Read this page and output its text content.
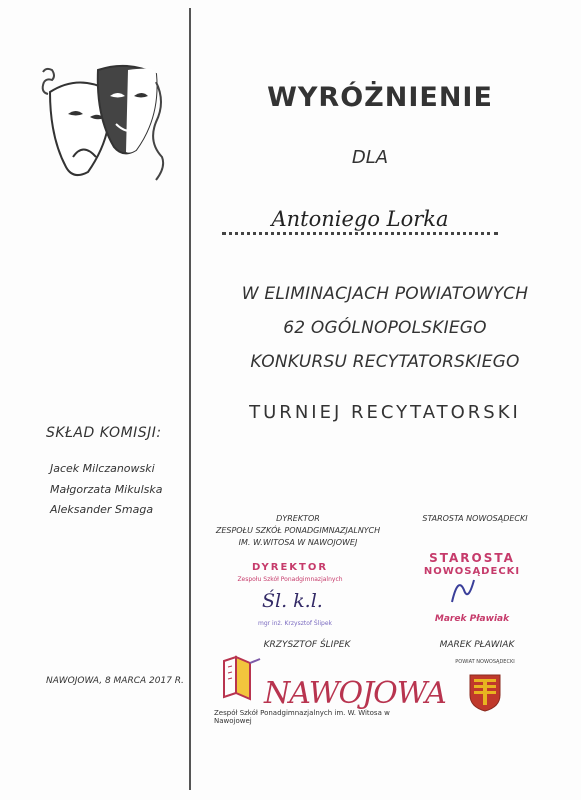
WYRÓŻNIENIE
DLA
Antoniego Lorka
W ELIMINACJACH POWIATOWYCH
62 OGÓLNOPOLSKIEGO
KONKURSU RECYTATORSKIEGO
TURNIEJ RECYTATORSKI
SKŁAD KOMISJI:
Jacek Milczanowski
Małgorzata Mikulska
Aleksander Smaga
DYREKTOR
ZESPOŁU SZKÓŁ PONADGIMNAZJALNYCH
IM. W.WITOSA W NAWOJOWEJ
DYREKTOR
Zespołu Szkół Ponadgimnazjalnych
Śl. k.l.
mgr inż. Krzysztof Ślipek
KRZYSZTOF ŚLIPEK
STAROSTA NOWOSĄDECKI
STAROSTA
NOWOSĄDECKI
Marek Pławiak
MAREK PŁAWIAK
NAWOJOWA, 8 MARCA 2017 R.	NAWOJOWA
Zespół Szkół Ponadgimnazjalnych im. W. Witosa w Nawojowej
POWIAT NOWOSĄDECKI
